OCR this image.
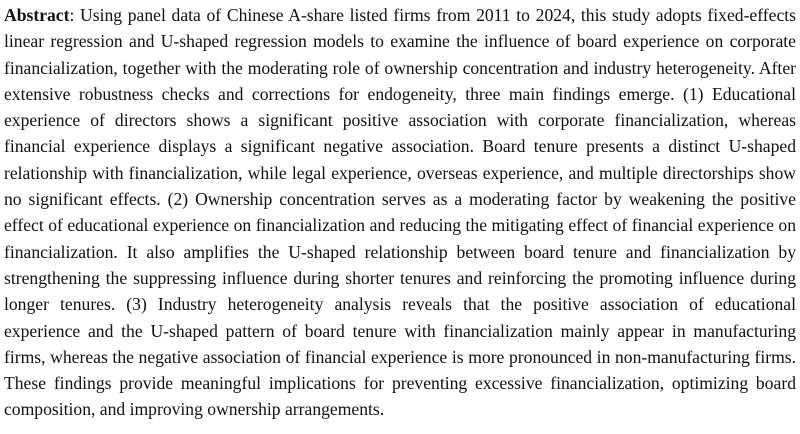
Abstract: Using panel data of Chinese A-share listed firms from 2011 to 2024, this study adopts fixed-effects linear regression and U-shaped regression models to examine the influence of board experience on corporate financialization, together with the moderating role of ownership concentration and industry heterogeneity. After extensive robustness checks and corrections for endogeneity, three main findings emerge. (1) Educational experience of directors shows a significant positive association with corporate financialization, whereas financial experience displays a significant negative association. Board tenure presents a distinct U-shaped relationship with financialization, while legal experience, overseas experience, and multiple directorships show no significant effects. (2) Ownership concentration serves as a moderating factor by weakening the positive effect of educational experience on financialization and reducing the mitigating effect of financial experience on financialization. It also amplifies the U-shaped relationship between board tenure and financialization by strengthening the suppressing influence during shorter tenures and reinforcing the promoting influence during longer tenures. (3) Industry heterogeneity analysis reveals that the positive association of educational experience and the U-shaped pattern of board tenure with financialization mainly appear in manufacturing firms, whereas the negative association of financial experience is more pronounced in non-manufacturing firms. These findings provide meaningful implications for preventing excessive financialization, optimizing board composition, and improving ownership arrangements.
